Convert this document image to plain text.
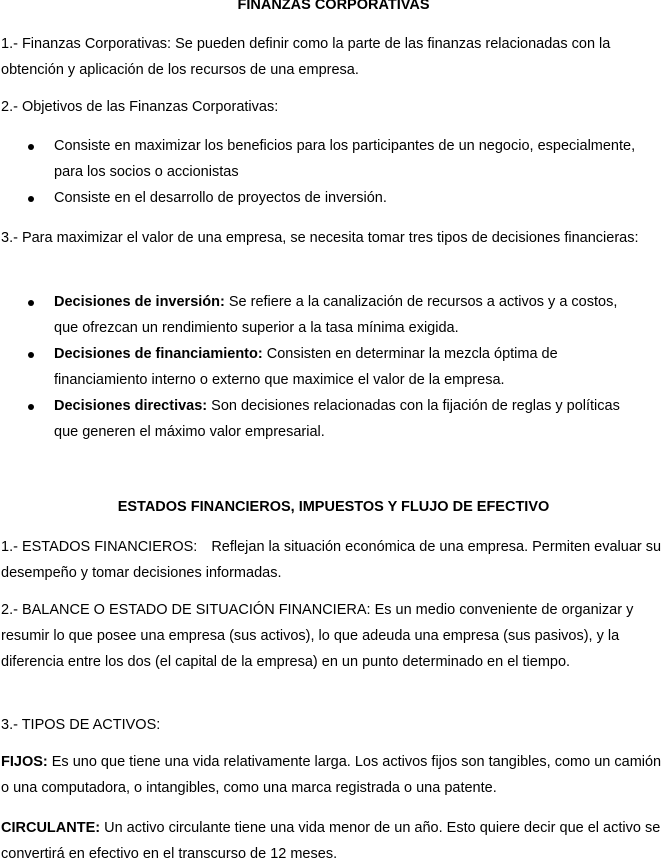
FINANZAS CORPORATIVAS

1.- Finanzas Corporativas: Se pueden definir como la parte de las finanzas relacionadas con la obtención y aplicación de los recursos de una empresa.

2.- Objetivos de las Finanzas Corporativas:

Consiste en maximizar los beneficios para los participantes de un negocio, especialmente, para los socios o accionistas
Consiste en el desarrollo de proyectos de inversión.

3.- Para maximizar el valor de una empresa, se necesita tomar tres tipos de decisiones financieras:

Decisiones de inversión: Se refiere a la canalización de recursos a activos y a costos, que ofrezcan un rendimiento superior a la tasa mínima exigida.
Decisiones de financiamiento: Consisten en determinar la mezcla óptima de financiamiento interno o externo que maximice el valor de la empresa.
Decisiones directivas: Son decisiones relacionadas con la fijación de reglas y políticas que generen el máximo valor empresarial.
ESTADOS FINANCIEROS, IMPUESTOS Y FLUJO DE EFECTIVO

1.- ESTADOS FINANCIEROS: Reflejan la situación económica de una empresa. Permiten evaluar su desempeño y tomar decisiones informadas.

2.- BALANCE O ESTADO DE SITUACIÓN FINANCIERA: Es un medio conveniente de organizar y resumir lo que posee una empresa (sus activos), lo que adeuda una empresa (sus pasivos), y la diferencia entre los dos (el capital de la empresa) en un punto determinado en el tiempo.

3.- TIPOS DE ACTIVOS:

FIJOS: Es uno que tiene una vida relativamente larga. Los activos fijos son tangibles, como un camión o una computadora, o intangibles, como una marca registrada o una patente.

CIRCULANTE: Un activo circulante tiene una vida menor de un año. Esto quiere decir que el activo se convertirá en efectivo en el transcurso de 12 meses.
